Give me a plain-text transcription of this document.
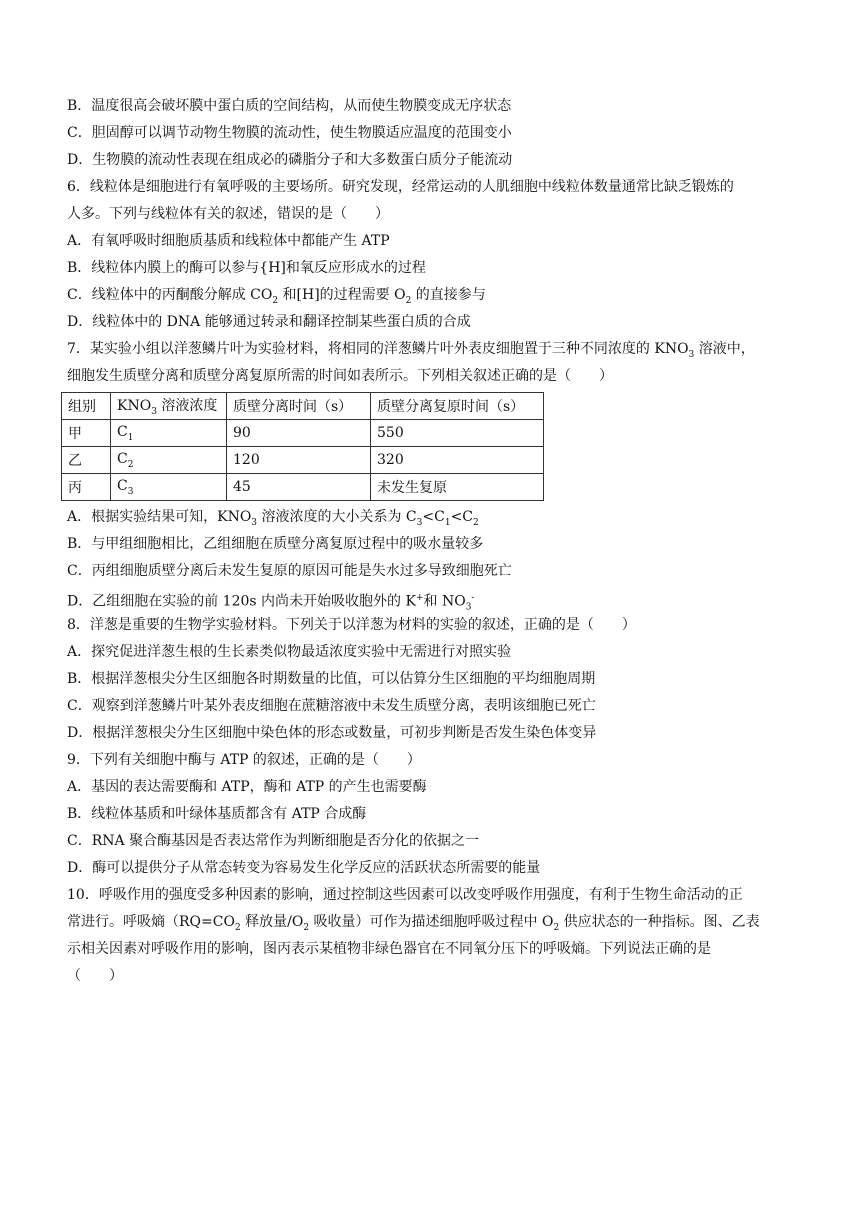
B．温度很高会破坏膜中蛋白质的空间结构，从而使生物膜变成无序状态
C．胆固醇可以调节动物生物膜的流动性，使生物膜适应温度的范围变小
D．生物膜的流动性表现在组成必的磷脂分子和大多数蛋白质分子能流动
6．线粒体是细胞进行有氧呼吸的主要场所。研究发现，经常运动的人肌细胞中线粒体数量通常比缺乏锻炼的
人多。下列与线粒体有关的叙述，错误的是（　　）
A．有氧呼吸时细胞质基质和线粒体中都能产生 ATP
B．线粒体内膜上的酶可以参与{H]和氧反应形成水的过程
C．线粒体中的丙酮酸分解成 $CO_2$ 和[H]的过程需要 $O_2$ 的直接参与
D．线粒体中的 DNA 能够通过转录和翻译控制某些蛋白质的合成
7．某实验小组以洋葱鳞片叶为实验材料，将相同的洋葱鳞片叶外表皮细胞置于三种不同浓度的 $KNO_3$ 溶液中，
细胞发生质壁分离和质壁分离复原所需的时间如表所示。下列相关叙述正确的是（　　）
组别	$KNO_3$ 溶液浓度	质壁分离时间（s）	质壁分离复原时间（s）
甲	$C_1$	90	550
乙	$C_2$	120	320
丙	$C_3$	45	未发生复原
A．根据实验结果可知，$KNO_3$ 溶液浓度的大小关系为 $C_3<C_1<C_2$
B．与甲组细胞相比，乙组细胞在质壁分离复原过程中的吸水量较多
C．丙组细胞质壁分离后未发生复原的原因可能是失水过多导致细胞死亡
D．乙组细胞在实验的前 120s 内尚未开始吸收胞外的 K+和 $NO_3^-$
8．洋葱是重要的生物学实验材料。下列关于以洋葱为材料的实验的叙述，正确的是（　　）
A．探究促进洋葱生根的生长素类似物最适浓度实验中无需进行对照实验
B．根据洋葱根尖分生区细胞各时期数量的比值，可以估算分生区细胞的平均细胞周期
C．观察到洋葱鳞片叶某外表皮细胞在蔗糖溶液中未发生质壁分离，表明该细胞已死亡
D．根据洋葱根尖分生区细胞中染色体的形态或数量，可初步判断是否发生染色体变异
9．下列有关细胞中酶与 ATP 的叙述，正确的是（　　）
A．基因的表达需要酶和 ATP，酶和 ATP 的产生也需要酶
B．线粒体基质和叶绿体基质都含有 ATP 合成酶
C．RNA 聚合酶基因是否表达常作为判断细胞是否分化的依据之一
D．酶可以提供分子从常态转变为容易发生化学反应的活跃状态所需要的能量
10．呼吸作用的强度受多种因素的影响，通过控制这些因素可以改变呼吸作用强度，有利于生物生命活动的正
常进行。呼吸熵（$RQ=CO_2$ 释放量$/O_2$ 吸收量）可作为描述细胞呼吸过程中 $O_2$ 供应状态的一种指标。图、乙表
示相关因素对呼吸作用的影响，图丙表示某植物非绿色器官在不同氧分压下的呼吸熵。下列说法正确的是
（　　）
